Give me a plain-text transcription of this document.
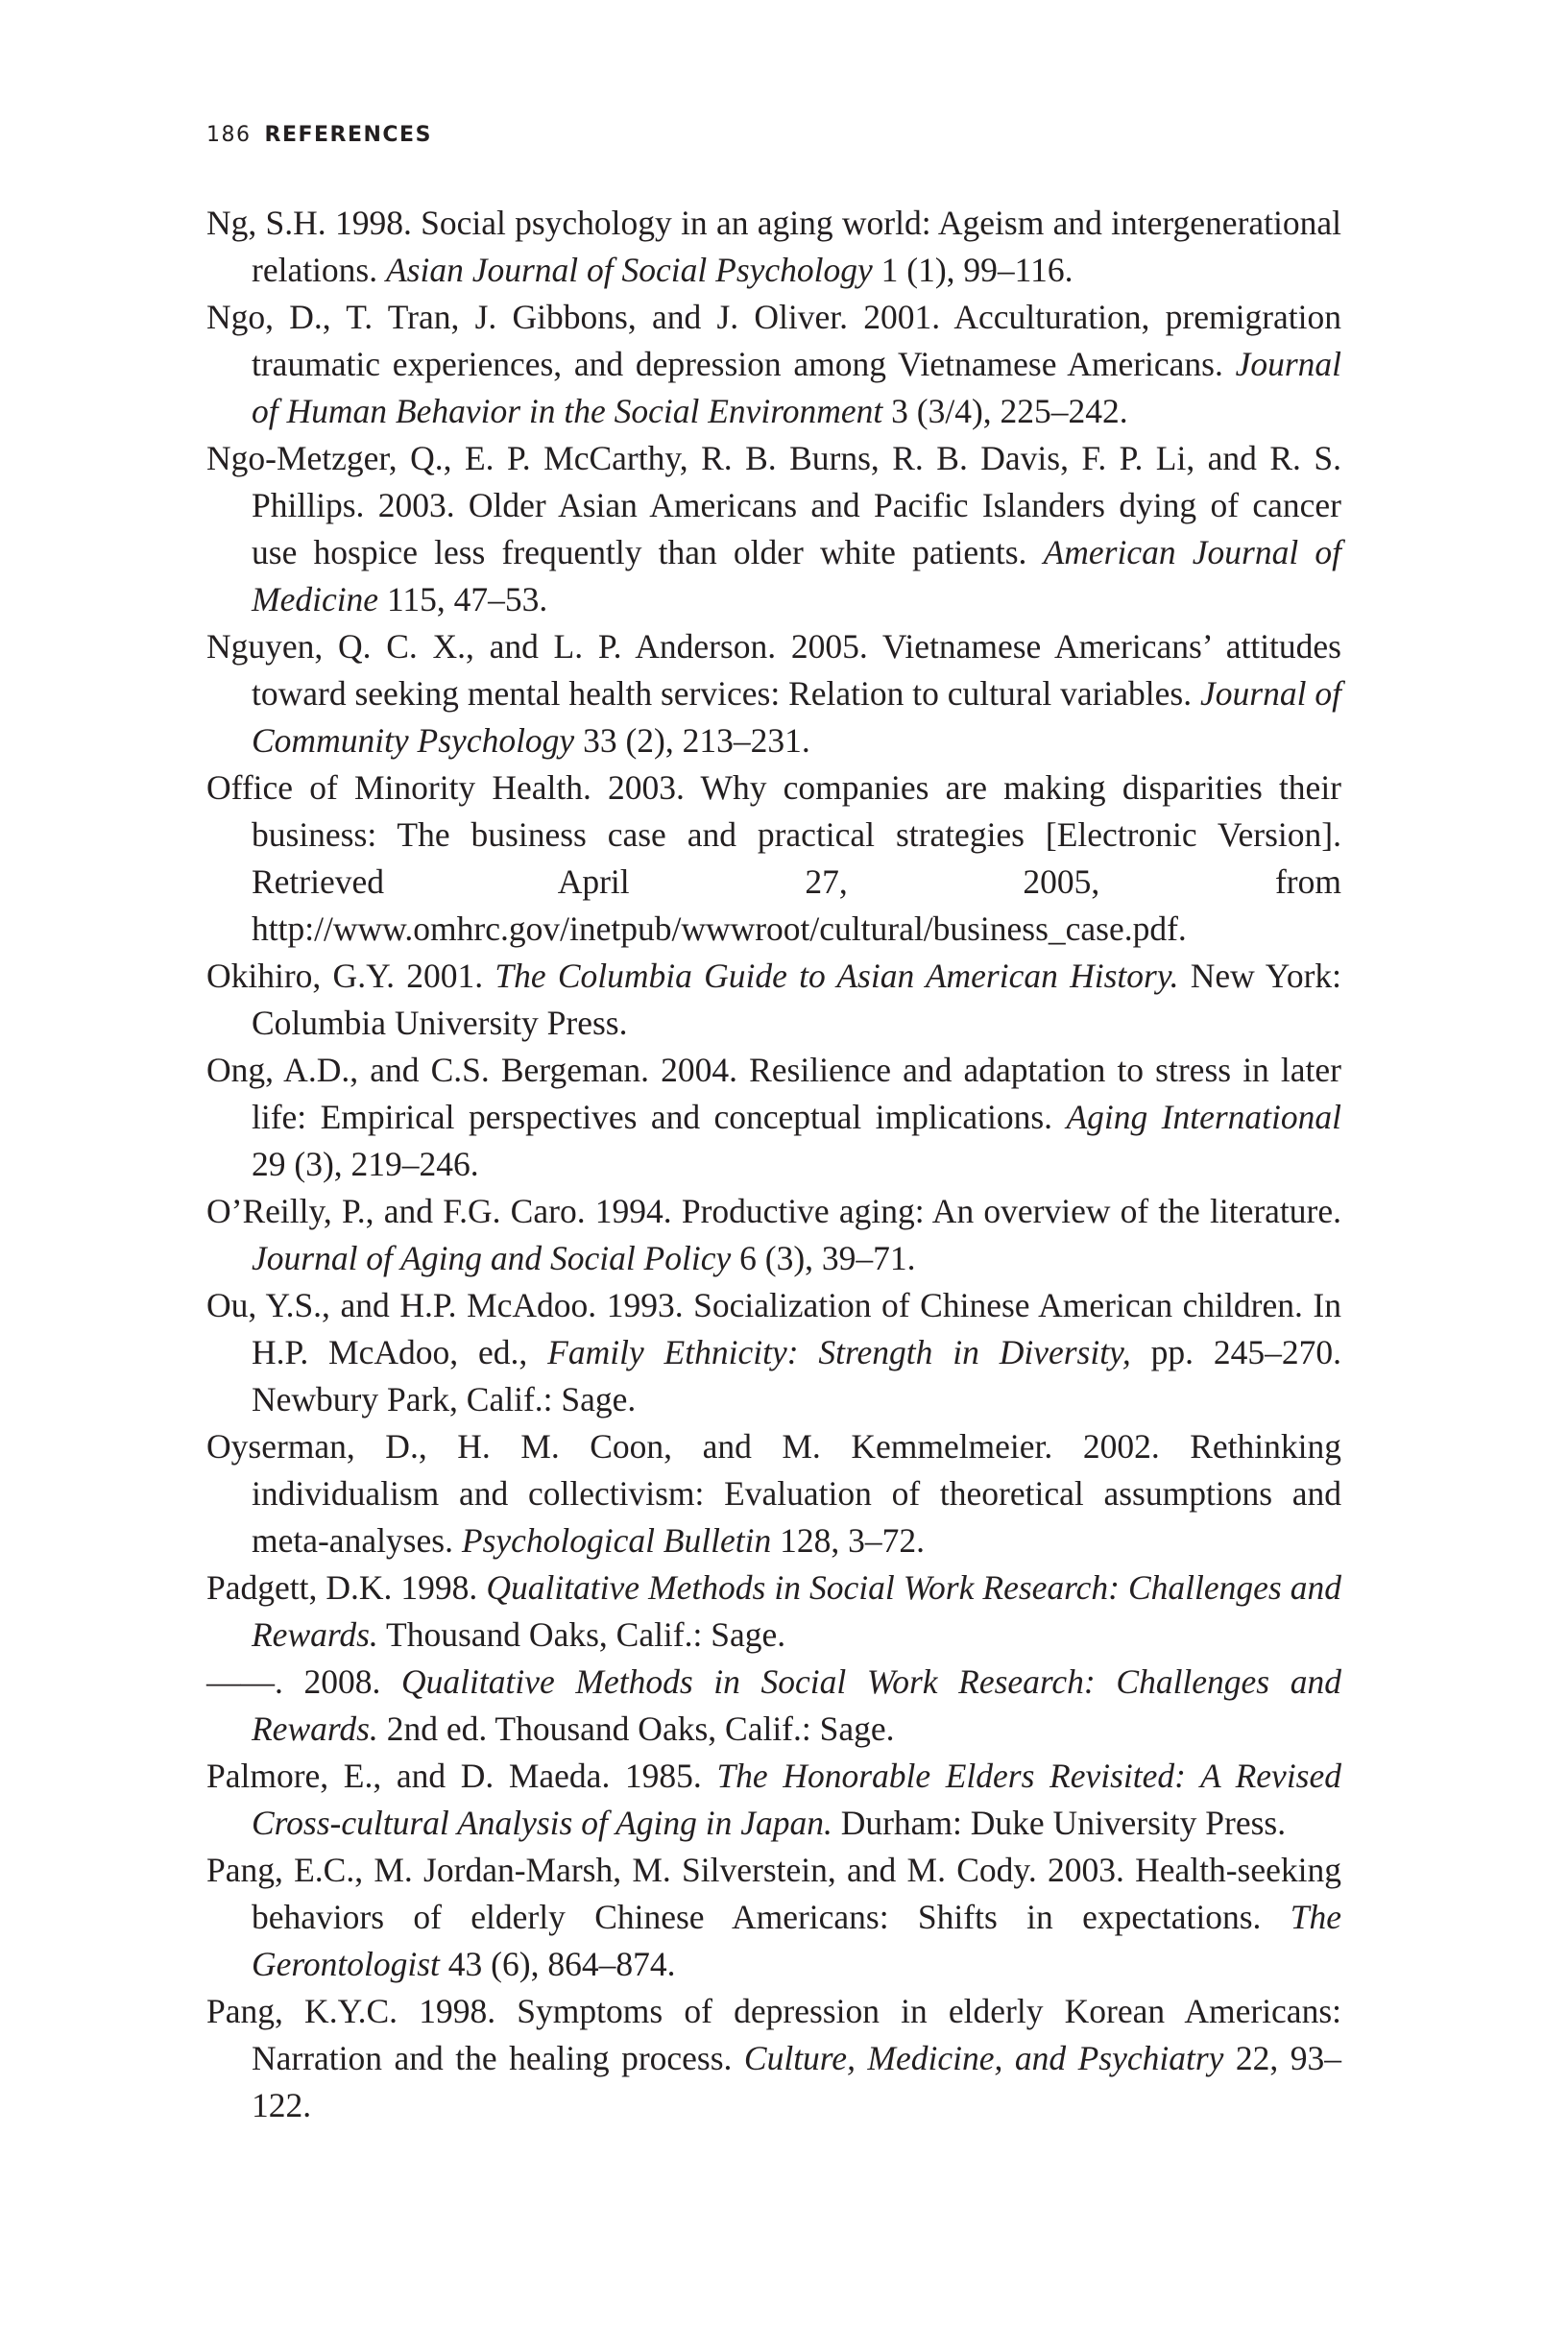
186 REFERENCES

Ng, S.H. 1998. Social psychology in an aging world: Ageism and intergenerational relations. Asian Journal of Social Psychology 1 (1), 99–116.

Ngo, D., T. Tran, J. Gibbons, and J. Oliver. 2001. Acculturation, premigration traumatic experiences, and depression among Vietnamese Americans. Journal of Human Behavior in the Social Environment 3 (3/4), 225–242.

Ngo-Metzger, Q., E. P. McCarthy, R. B. Burns, R. B. Davis, F. P. Li, and R. S. Phillips. 2003. Older Asian Americans and Pacific Islanders dying of cancer use hospice less frequently than older white patients. American Journal of Medicine 115, 47–53.

Nguyen, Q. C. X., and L. P. Anderson. 2005. Vietnamese Americans’ attitudes toward seeking mental health services: Relation to cultural variables. Journal of Community Psychology 33 (2), 213–231.

Office of Minority Health. 2003. Why companies are making disparities their business: The business case and practical strategies [Electronic Version]. Retrieved April 27, 2005, from http://www.omhrc.gov/inetpub/wwwroot/cultural/business_case.pdf.

Okihiro, G.Y. 2001. The Columbia Guide to Asian American History. New York: Columbia University Press.

Ong, A.D., and C.S. Bergeman. 2004. Resilience and adaptation to stress in later life: Empirical perspectives and conceptual implications. Aging International 29 (3), 219–246.

O’Reilly, P., and F.G. Caro. 1994. Productive aging: An overview of the literature. Journal of Aging and Social Policy 6 (3), 39–71.

Ou, Y.S., and H.P. McAdoo. 1993. Socialization of Chinese American children. In H.P. McAdoo, ed., Family Ethnicity: Strength in Diversity, pp. 245–270. Newbury Park, Calif.: Sage.

Oyserman, D., H. M. Coon, and M. Kemmelmeier. 2002. Rethinking individualism and collectivism: Evaluation of theoretical assumptions and meta-analyses. Psychological Bulletin 128, 3–72.

Padgett, D.K. 1998. Qualitative Methods in Social Work Research: Challenges and Rewards. Thousand Oaks, Calif.: Sage.

——. 2008. Qualitative Methods in Social Work Research: Challenges and Rewards. 2nd ed. Thousand Oaks, Calif.: Sage.

Palmore, E., and D. Maeda. 1985. The Honorable Elders Revisited: A Revised Cross-cultural Analysis of Aging in Japan. Durham: Duke University Press.

Pang, E.C., M. Jordan-Marsh, M. Silverstein, and M. Cody. 2003. Health-seeking behaviors of elderly Chinese Americans: Shifts in expectations. The Gerontologist 43 (6), 864–874.

Pang, K.Y.C. 1998. Symptoms of depression in elderly Korean Americans: Narration and the healing process. Culture, Medicine, and Psychiatry 22, 93–122.
